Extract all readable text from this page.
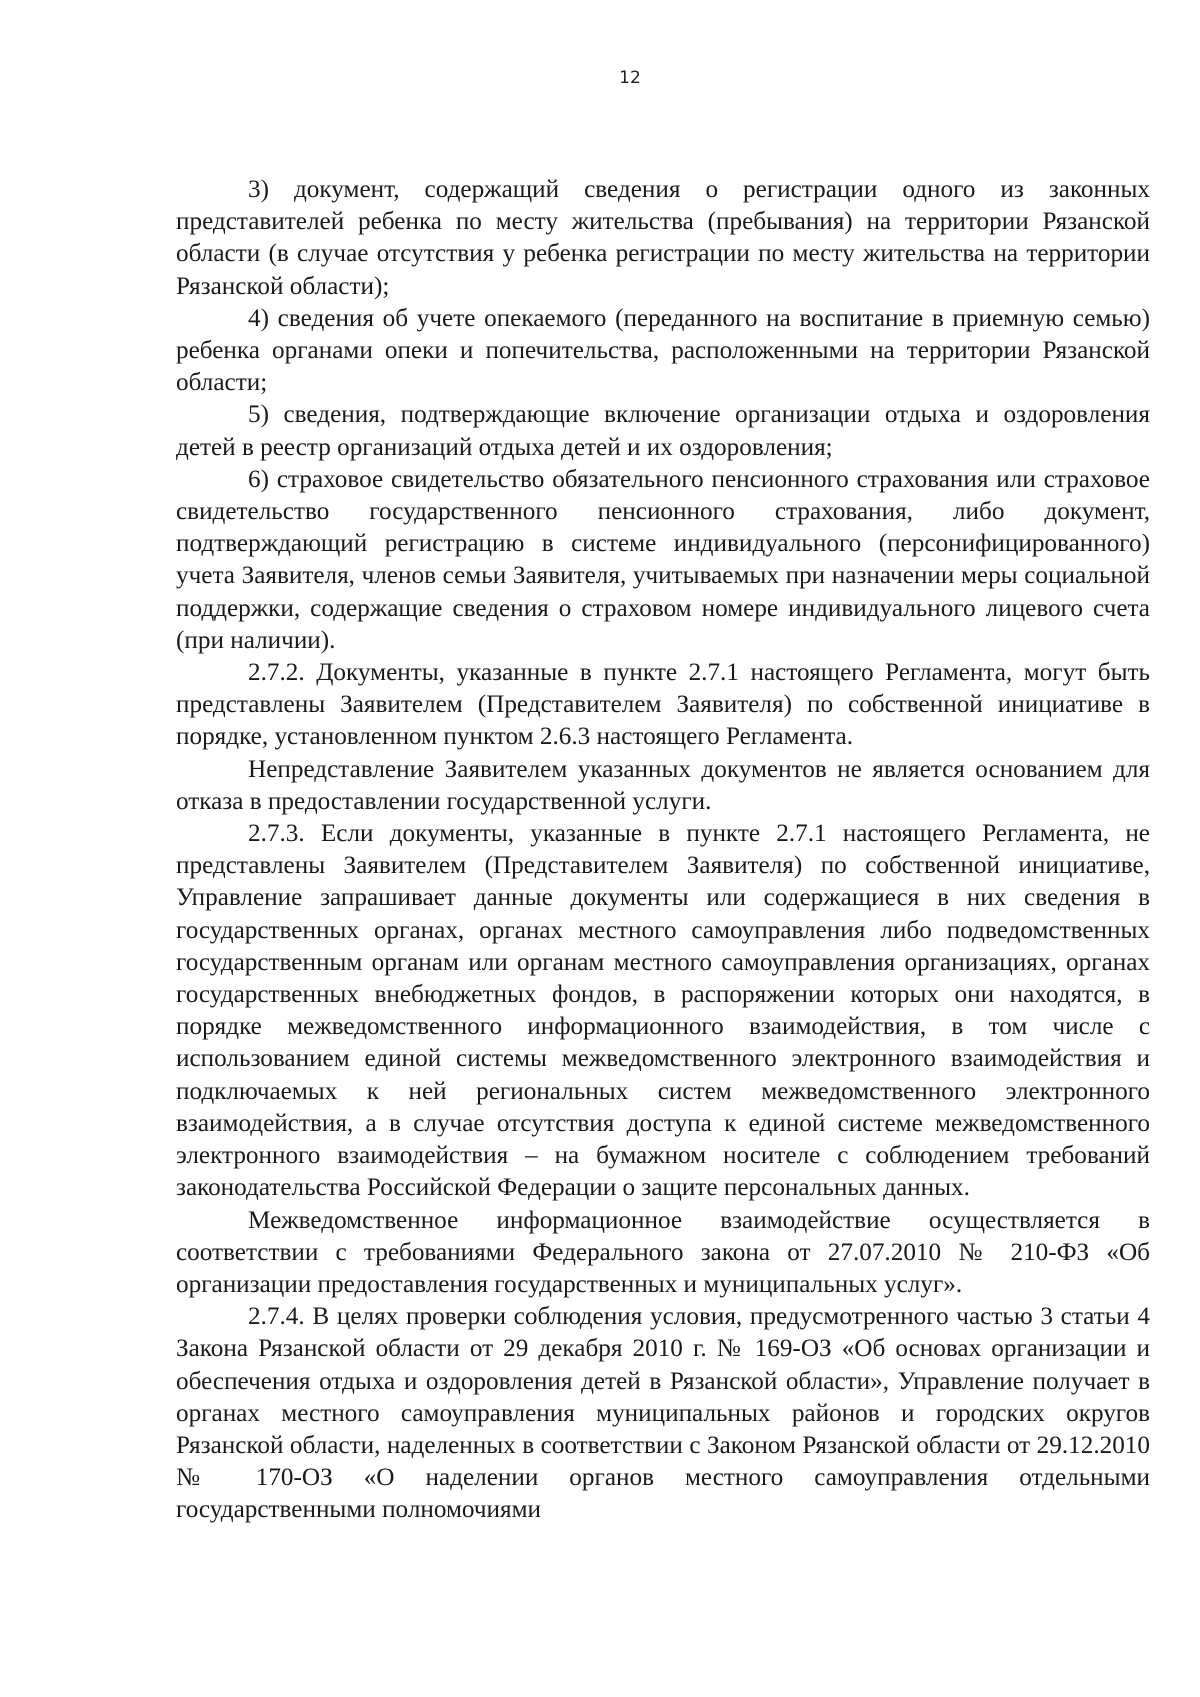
12

3) документ, содержащий сведения о регистрации одного из законных представителей ребенка по месту жительства (пребывания) на территории Рязанской области (в случае отсутствия у ребенка регистрации по месту жительства на территории Рязанской области);

4) сведения об учете опекаемого (переданного на воспитание в приемную семью) ребенка органами опеки и попечительства, расположенными на территории Рязанской области;

5) сведения, подтверждающие включение организации отдыха и оздоровления детей в реестр организаций отдыха детей и их оздоровления;

6) страховое свидетельство обязательного пенсионного страхования или страховое свидетельство государственного пенсионного страхования, либо документ, подтверждающий регистрацию в системе индивидуального (персонифицированного) учета Заявителя, членов семьи Заявителя, учитываемых при назначении меры социальной поддержки, содержащие сведения о страховом номере индивидуального лицевого счета (при наличии).

2.7.2. Документы, указанные в пункте 2.7.1 настоящего Регламента, могут быть представлены Заявителем (Представителем Заявителя) по собственной инициативе в порядке, установленном пунктом 2.6.3 настоящего Регламента.

Непредставление Заявителем указанных документов не является основанием для отказа в предоставлении государственной услуги.

2.7.3. Если документы, указанные в пункте 2.7.1 настоящего Регламента, не представлены Заявителем (Представителем Заявителя) по собственной инициативе, Управление запрашивает данные документы или содержащиеся в них сведения в государственных органах, органах местного самоуправления либо подведомственных государственным органам или органам местного самоуправления организациях, органах государственных внебюджетных фондов, в распоряжении которых они находятся, в порядке межведомственного информационного взаимодействия, в том числе с использованием единой системы межведомственного электронного взаимодействия и подключаемых к ней региональных систем межведомственного электронного взаимодействия, а в случае отсутствия доступа к единой системе межведомственного электронного взаимодействия – на бумажном носителе с соблюдением требований законодательства Российской Федерации о защите персональных данных.

Межведомственное информационное взаимодействие осуществляется в соответствии с требованиями Федерального закона от 27.07.2010 № 210-ФЗ «Об организации предоставления государственных и муниципальных услуг».

2.7.4. В целях проверки соблюдения условия, предусмотренного частью 3 статьи 4 Закона Рязанской области от 29 декабря 2010 г. № 169-ОЗ «Об основах организации и обеспечения отдыха и оздоровления детей в Рязанской области», Управление получает в органах местного самоуправления муниципальных районов и городских округов Рязанской области, наделенных в соответствии с Законом Рязанской области от 29.12.2010 № 170-ОЗ «О наделении органов местного самоуправления отдельными государственными полномочиями
